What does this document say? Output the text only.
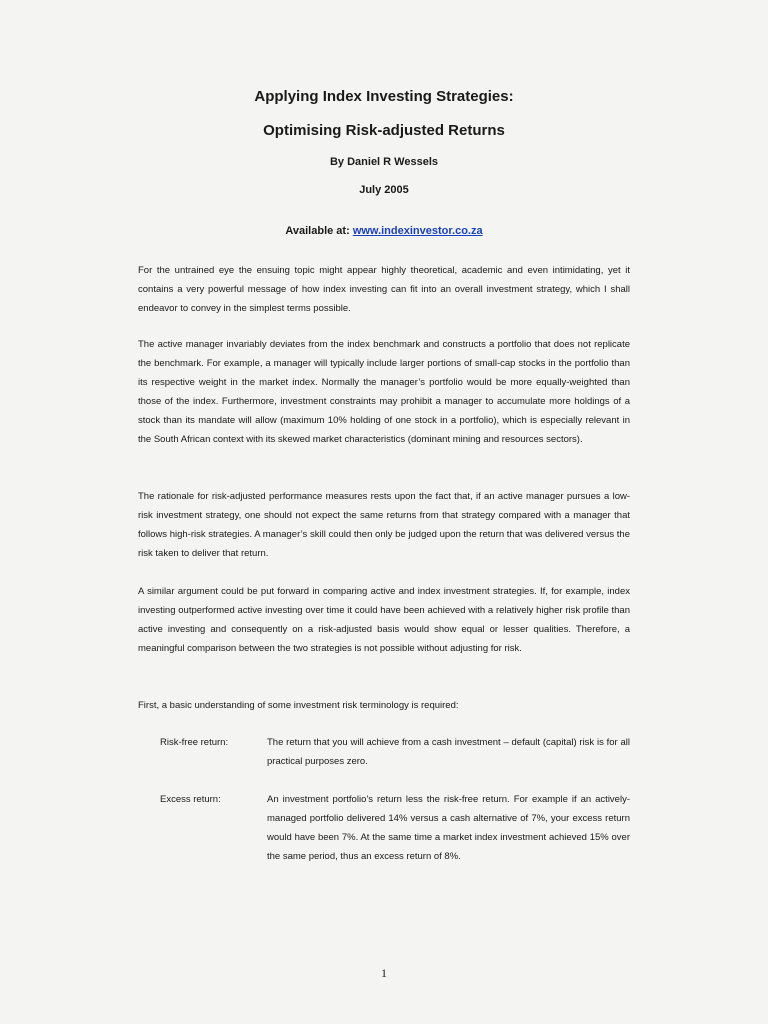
Applying Index Investing Strategies:
Optimising Risk-adjusted Returns
By Daniel R Wessels
July 2005
Available at: www.indexinvestor.co.za

For the untrained eye the ensuing topic might appear highly theoretical, academic and even intimidating, yet it contains a very powerful message of how index investing can fit into an overall investment strategy, which I shall endeavor to convey in the simplest terms possible.

The active manager invariably deviates from the index benchmark and constructs a portfolio that does not replicate the benchmark. For example, a manager will typically include larger portions of small-cap stocks in the portfolio than its respective weight in the market index. Normally the manager’s portfolio would be more equally-weighted than those of the index. Furthermore, investment constraints may prohibit a manager to accumulate more holdings of a stock than its mandate will allow (maximum 10% holding of one stock in a portfolio), which is especially relevant in the South African context with its skewed market characteristics (dominant mining and resources sectors).

The rationale for risk-adjusted performance measures rests upon the fact that, if an active manager pursues a low-risk investment strategy, one should not expect the same returns from that strategy compared with a manager that follows high-risk strategies. A manager’s skill could then only be judged upon the return that was delivered versus the risk taken to deliver that return.

A similar argument could be put forward in comparing active and index investment strategies. If, for example, index investing outperformed active investing over time it could have been achieved with a relatively higher risk profile than active investing and consequently on a risk-adjusted basis would show equal or lesser qualities. Therefore, a meaningful comparison between the two strategies is not possible without adjusting for risk.

First, a basic understanding of some investment risk terminology is required:

Risk-free return:	The return that you will achieve from a cash investment – default (capital) risk is for all practical purposes zero.

Excess return:	An investment portfolio’s return less the risk-free return. For example if an actively-managed portfolio delivered 14% versus a cash alternative of 7%, your excess return would have been 7%. At the same time a market index investment achieved 15% over the same period, thus an excess return of 8%.

1
